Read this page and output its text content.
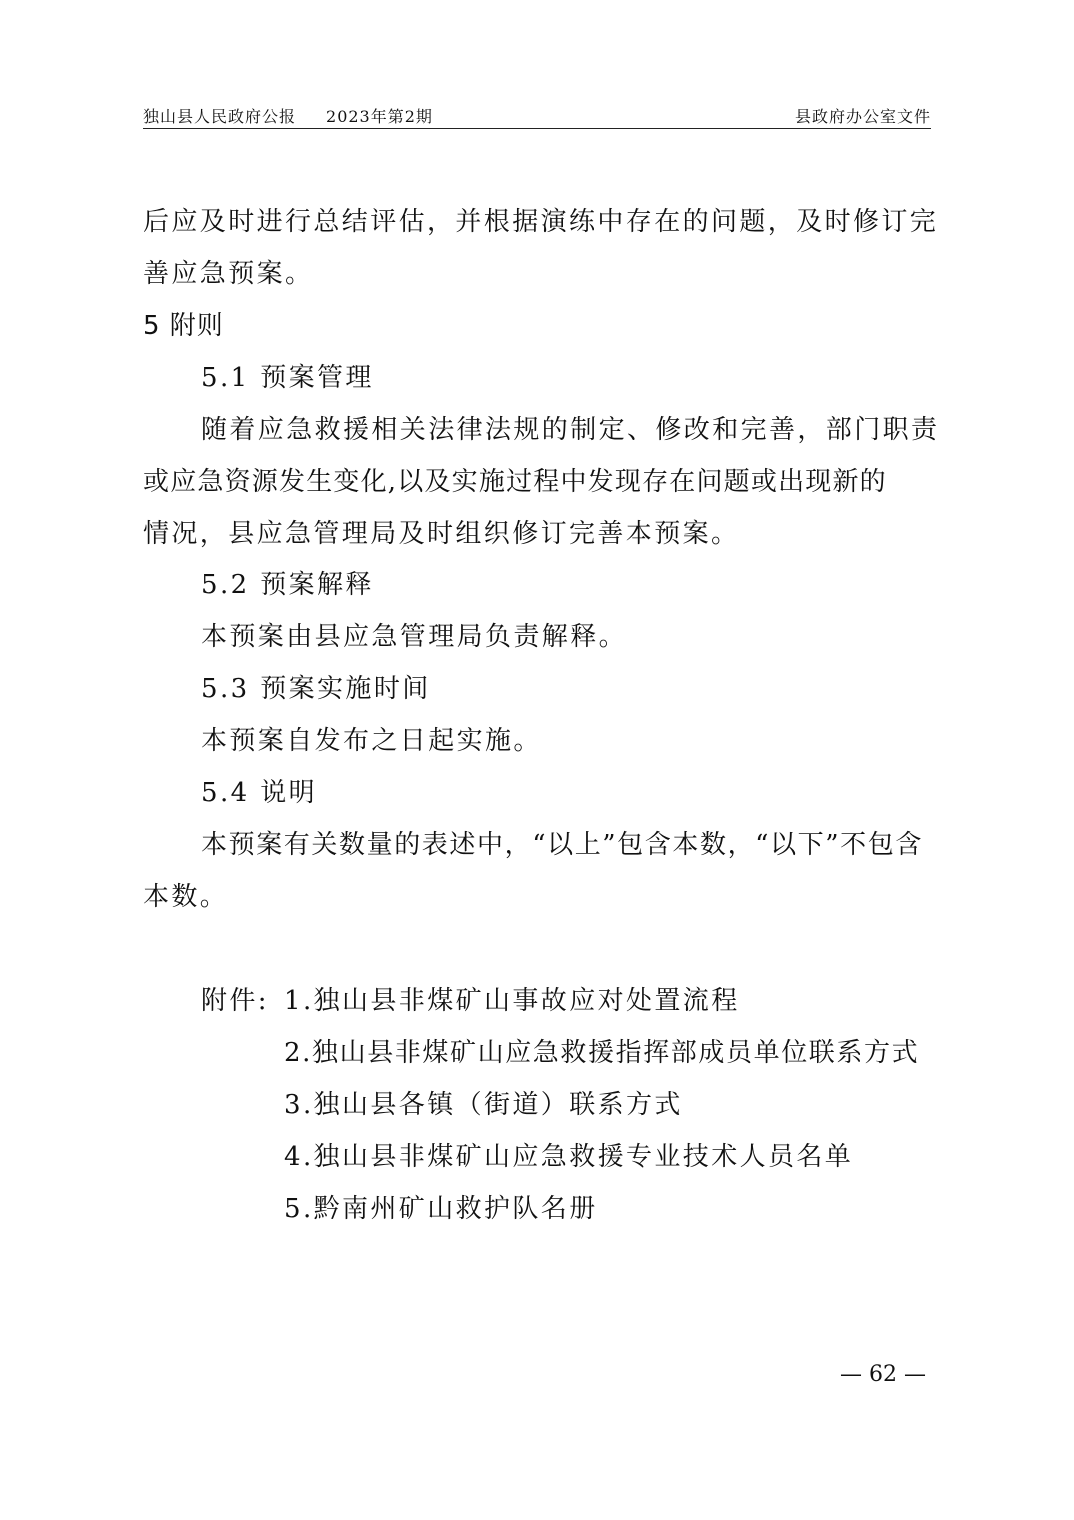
独山县人民政府公报 2023年第2期	县政府办公室文件
后应及时进行总结评估，并根据演练中存在的问题，及时修订完
善应急预案。
5 附则
5.1 预案管理
随着应急救援相关法律法规的制定、修改和完善，部门职责
或应急资源发生变化,以及实施过程中发现存在问题或出现新的
情况，县应急管理局及时组织修订完善本预案。
5.2 预案解释
本预案由县应急管理局负责解释。
5.3 预案实施时间
本预案自发布之日起实施。
5.4 说明
本预案有关数量的表述中，“以上”包含本数，“以下”不包含
本数。
附件: 1.独山县非煤矿山事故应对处置流程
2.独山县非煤矿山应急救援指挥部成员单位联系方式
3.独山县各镇（街道）联系方式
4.独山县非煤矿山应急救援专业技术人员名单
5.黔南州矿山救护队名册
— 62 —
